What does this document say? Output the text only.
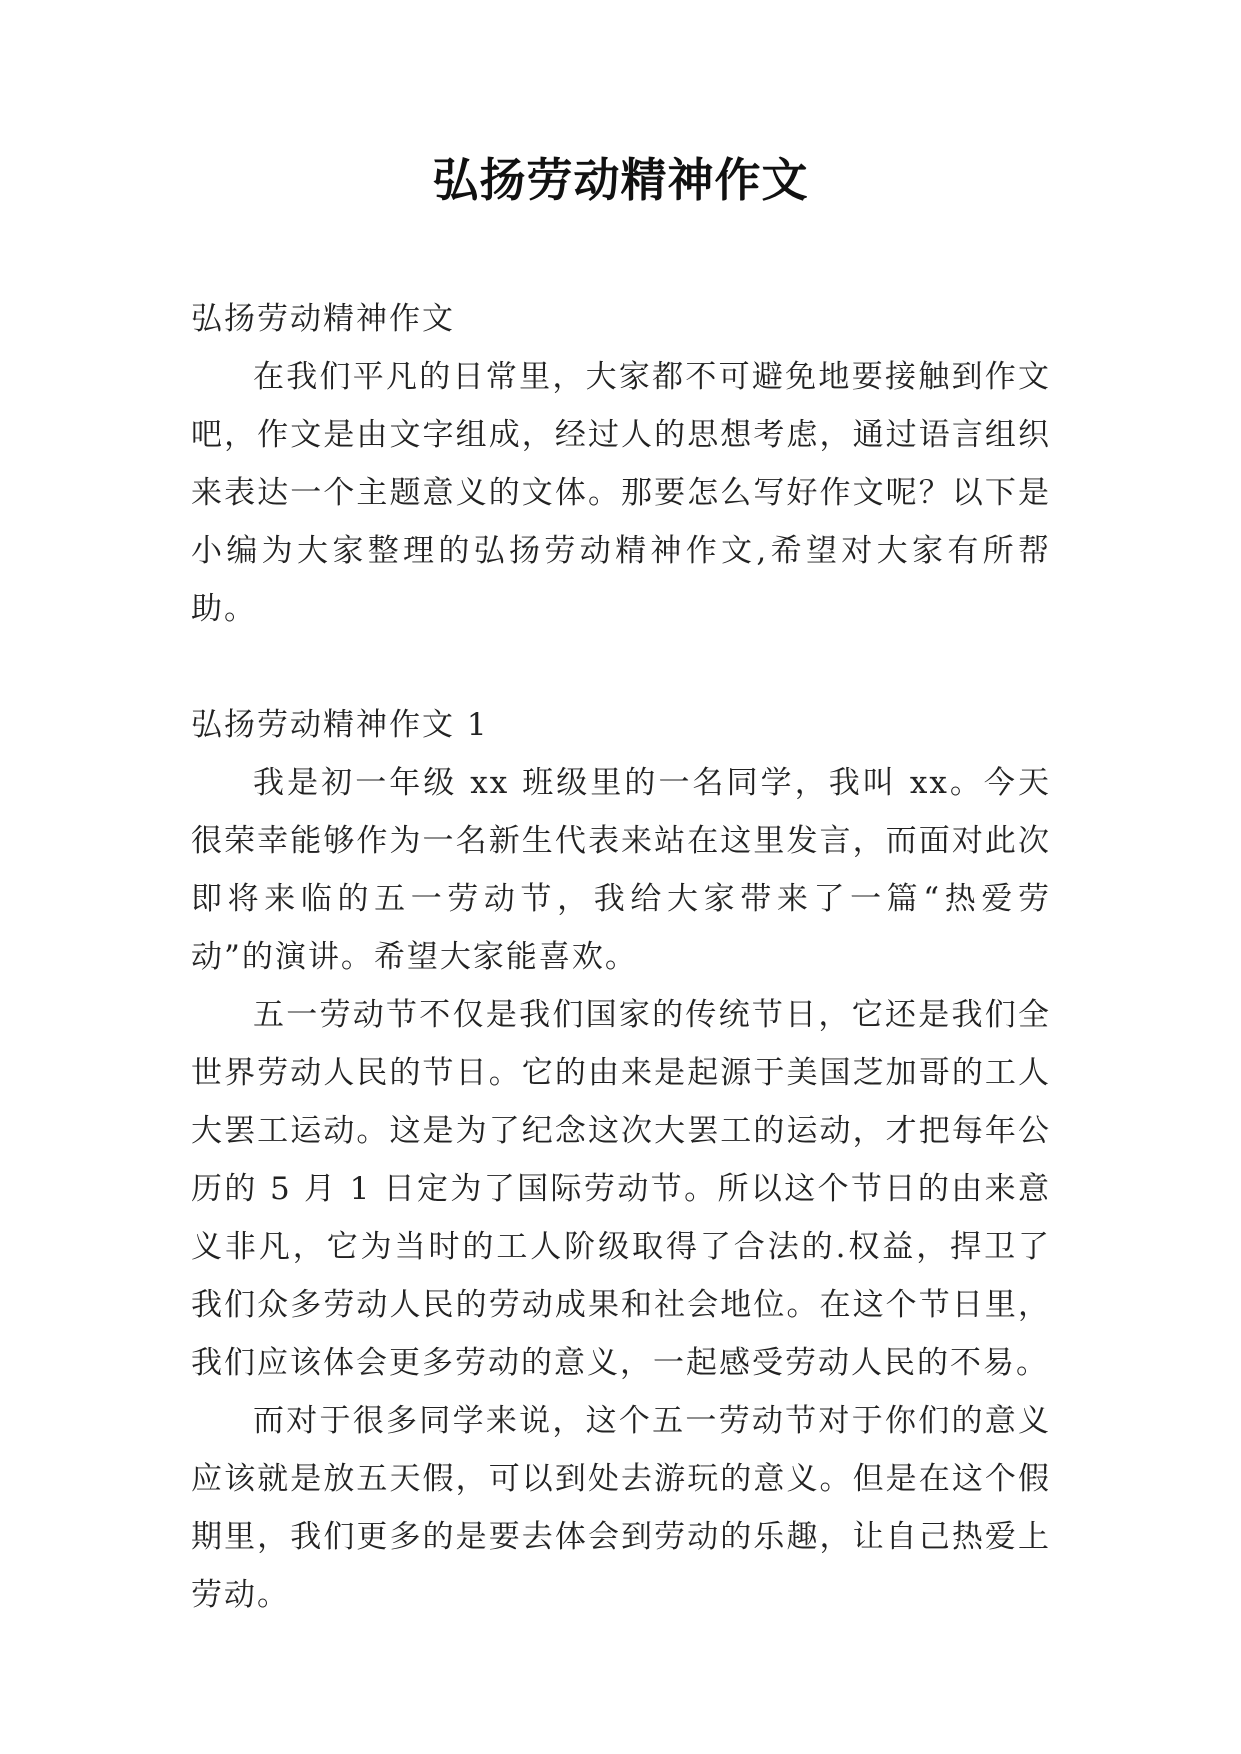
弘扬劳动精神作文

弘扬劳动精神作文

在我们平凡的日常里，大家都不可避免地要接触到作文吧，作文是由文字组成，经过人的思想考虑，通过语言组织来表达一个主题意义的文体。那要怎么写好作文呢？以下是小编为大家整理的弘扬劳动精神作文,希望对大家有所帮助。

弘扬劳动精神作文 1

我是初一年级 xx 班级里的一名同学，我叫 xx。今天很荣幸能够作为一名新生代表来站在这里发言，而面对此次即将来临的五一劳动节，我给大家带来了一篇“热爱劳动”的演讲。希望大家能喜欢。

五一劳动节不仅是我们国家的传统节日，它还是我们全世界劳动人民的节日。它的由来是起源于美国芝加哥的工人大罢工运动。这是为了纪念这次大罢工的运动，才把每年公历的 5 月 1 日定为了国际劳动节。所以这个节日的由来意义非凡，它为当时的工人阶级取得了合法的.权益，捍卫了我们众多劳动人民的劳动成果和社会地位。在这个节日里，我们应该体会更多劳动的意义，一起感受劳动人民的不易。

而对于很多同学来说，这个五一劳动节对于你们的意义应该就是放五天假，可以到处去游玩的意义。但是在这个假期里，我们更多的是要去体会到劳动的乐趣，让自己热爱上劳动。
